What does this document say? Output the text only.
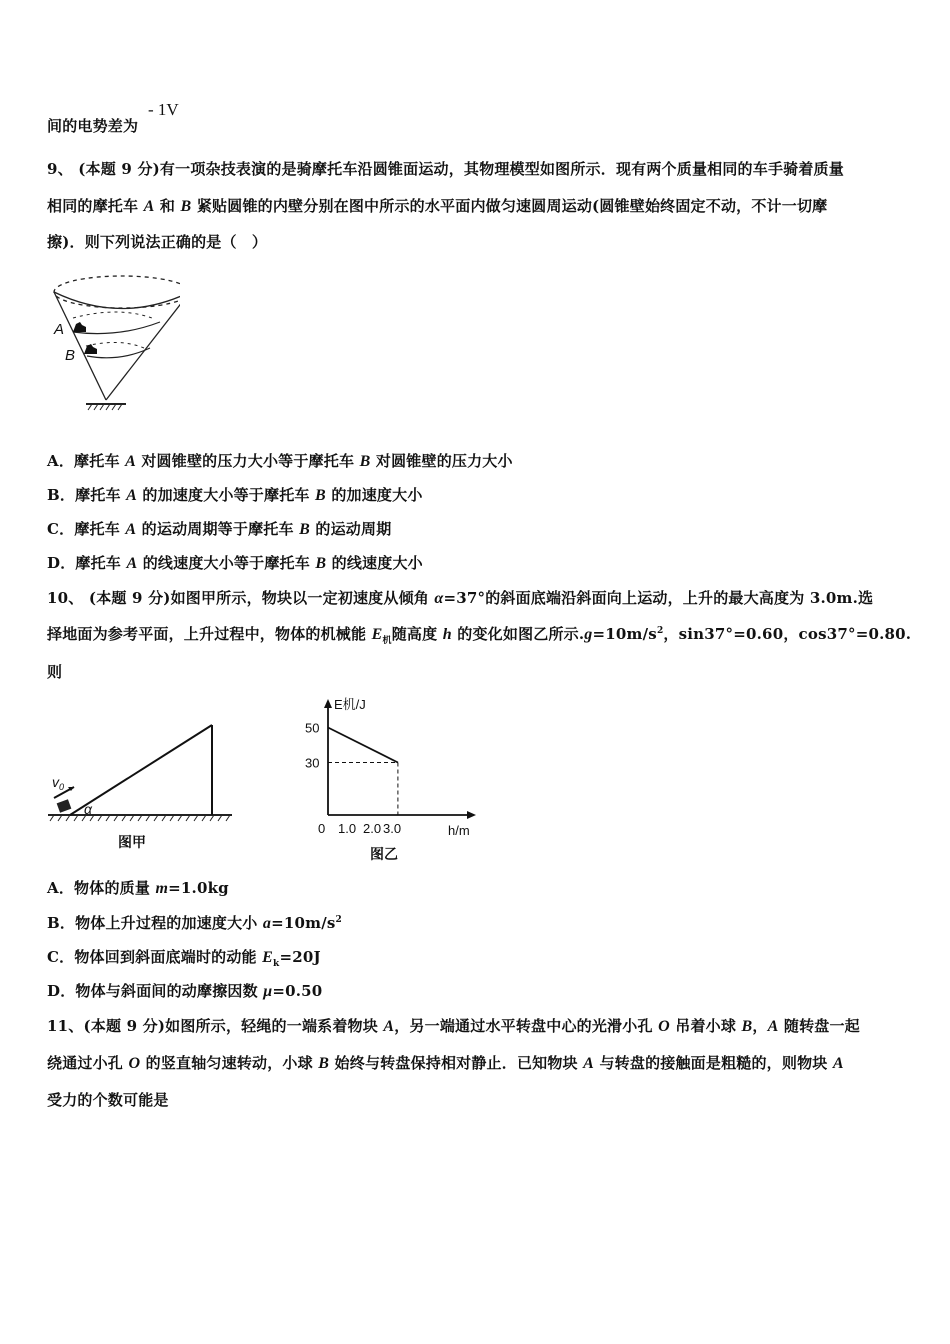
间的电势差为
- 1V
9、 (本题 9 分)有一项杂技表演的是骑摩托车沿圆锥面运动，其物理模型如图所示．现有两个质量相同的车手骑着质量
相同的摩托车 A 和 B 紧贴圆锥的内壁分别在图中所示的水平面内做匀速圆周运动(圆锥壁始终固定不动，不计一切摩
擦)．则下列说法正确的是（　）
A．摩托车 A 对圆锥壁的压力大小等于摩托车 B 对圆锥壁的压力大小
B．摩托车 A 的加速度大小等于摩托车 B 的加速度大小
C．摩托车 A 的运动周期等于摩托车 B 的运动周期
D．摩托车 A 的线速度大小等于摩托车 B 的线速度大小
10、 (本题 9 分)如图甲所示，物块以一定初速度从倾角 α=37°的斜面底端沿斜面向上运动，上升的最大高度为 3.0m.选
择地面为参考平面，上升过程中，物体的机械能 $E_机$随高度 h 的变化如图乙所示$.g=10m/s^2$，sin37°=0.60，cos37°=0.80.
则
A．物体的质量 m=1.0kg
B．物体上升过程的加速度大小 $a=10m/s^2$
C．物体回到斜面底端时的动能 $E_k=20J$
D．物体与斜面间的动摩擦因数 μ=0.50
11、(本题 9 分)如图所示，轻绳的一端系着物块 A，另一端通过水平转盘中心的光滑小孔 O 吊着小球 B，A 随转盘一起
绕通过小孔 O 的竖直轴匀速转动，小球 B 始终与转盘保持相对静止．已知物块 A 与转盘的接触面是粗糙的，则物块 A
受力的个数可能是
A
B
$v_0$
α
图甲
E机/J
50
30
0 1.0 2.0 3.0	h/m
图乙
